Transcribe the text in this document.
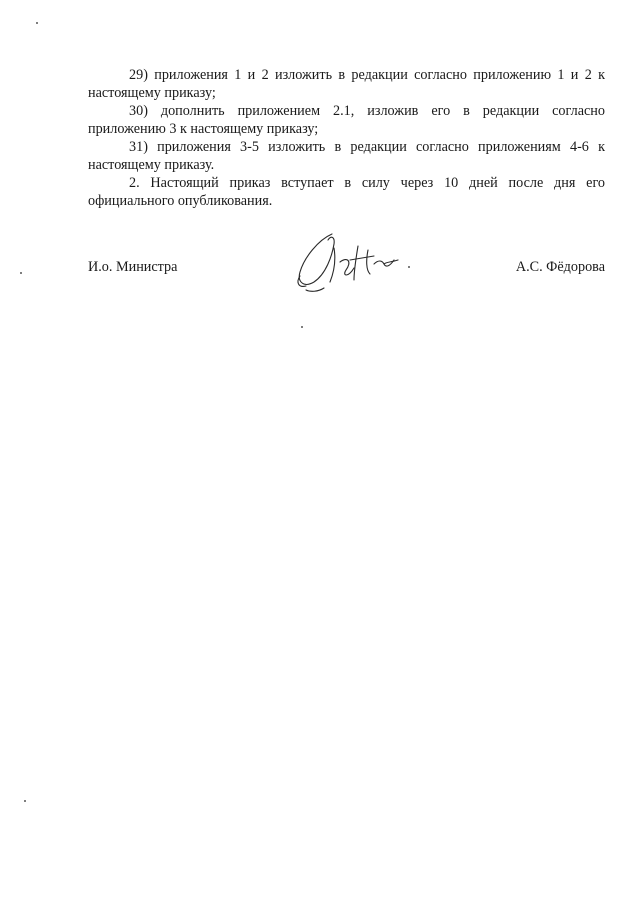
29) приложения 1 и 2 изложить в редакции согласно приложению 1 и 2 к настоящему приказу;

30) дополнить приложением 2.1, изложив его в редакции согласно приложению 3 к настоящему приказу;

31) приложения 3-5 изложить в редакции согласно приложениям 4-6 к настоящему приказу.

2. Настоящий приказ вступает в силу через 10 дней после дня его официального опубликования.

И.о. Министра	А.С. Фёдорова
